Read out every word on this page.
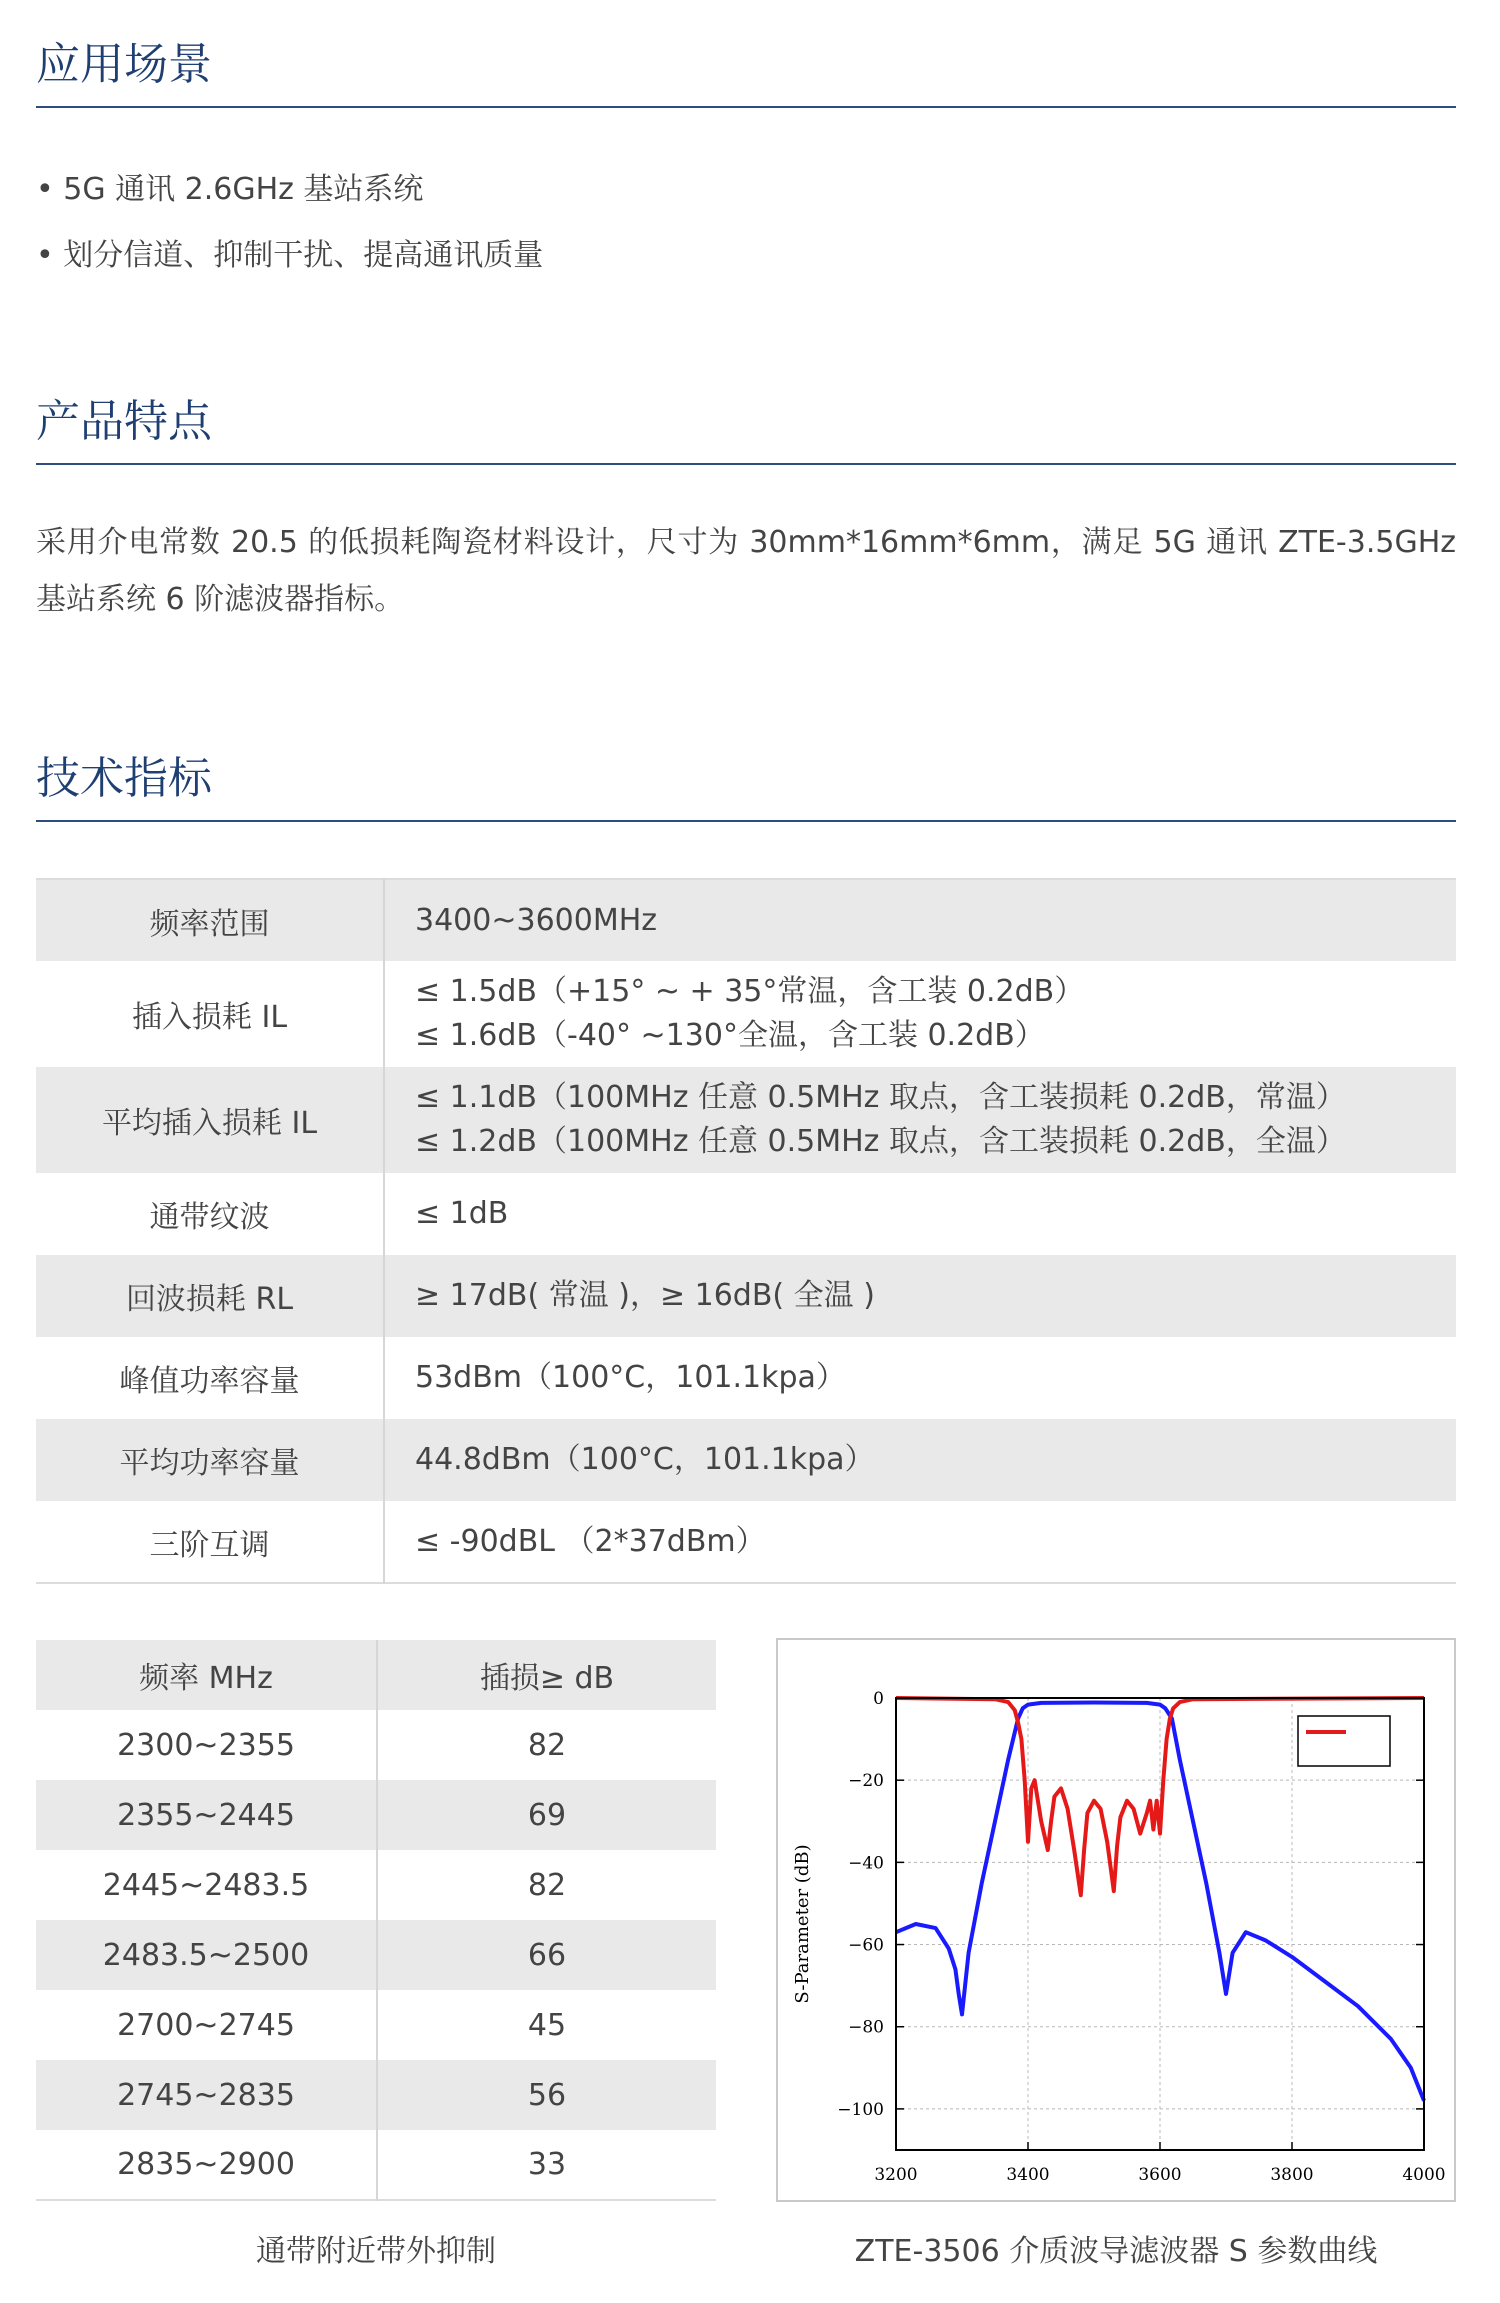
应用场景
• 5G 通讯 2.6GHz 基站系统
• 划分信道、抑制干扰、提高通讯质量
产品特点

采用介电常数 20.5 的低损耗陶瓷材料设计，尺寸为 30mm*16mm*6mm，满足 5G 通讯 ZTE-3.5GHz 基站系统 6 阶滤波器指标。

技术指标
频率范围	3400~3600MHz

插入损耗 IL	≤ 1.5dB（+15° ~ + 35°常温，含工装 0.2dB）
≤ 1.6dB（-40° ~130°全温，含工装 0.2dB）

平均插入损耗 IL	≤ 1.1dB（100MHz 任意 0.5MHz 取点，含工装损耗 0.2dB，常温）
≤ 1.2dB（100MHz 任意 0.5MHz 取点，含工装损耗 0.2dB，全温）

通带纹波	≤ 1dB

回波损耗 RL	≥ 17dB( 常温 )，≥ 16dB( 全温 )

峰值功率容量	53dBm（100°C，101.1kpa）

平均功率容量	44.8dBm（100°C，101.1kpa）

三阶互调	≤ -90dBL （2*37dBm）
频率 MHz	插损≥ dB
2300~2355	82
2355~2445	69
2445~2483.5	82
2483.5~2500	66
2700~2745	45
2745~2835	56
2835~2900	33
通带附近带外抑制
3200	3400	3600	3800	4000
0
−20
−40
−60
−80
−100
S-Parameter (dB)
ZTE-3506 介质波导滤波器 S 参数曲线
